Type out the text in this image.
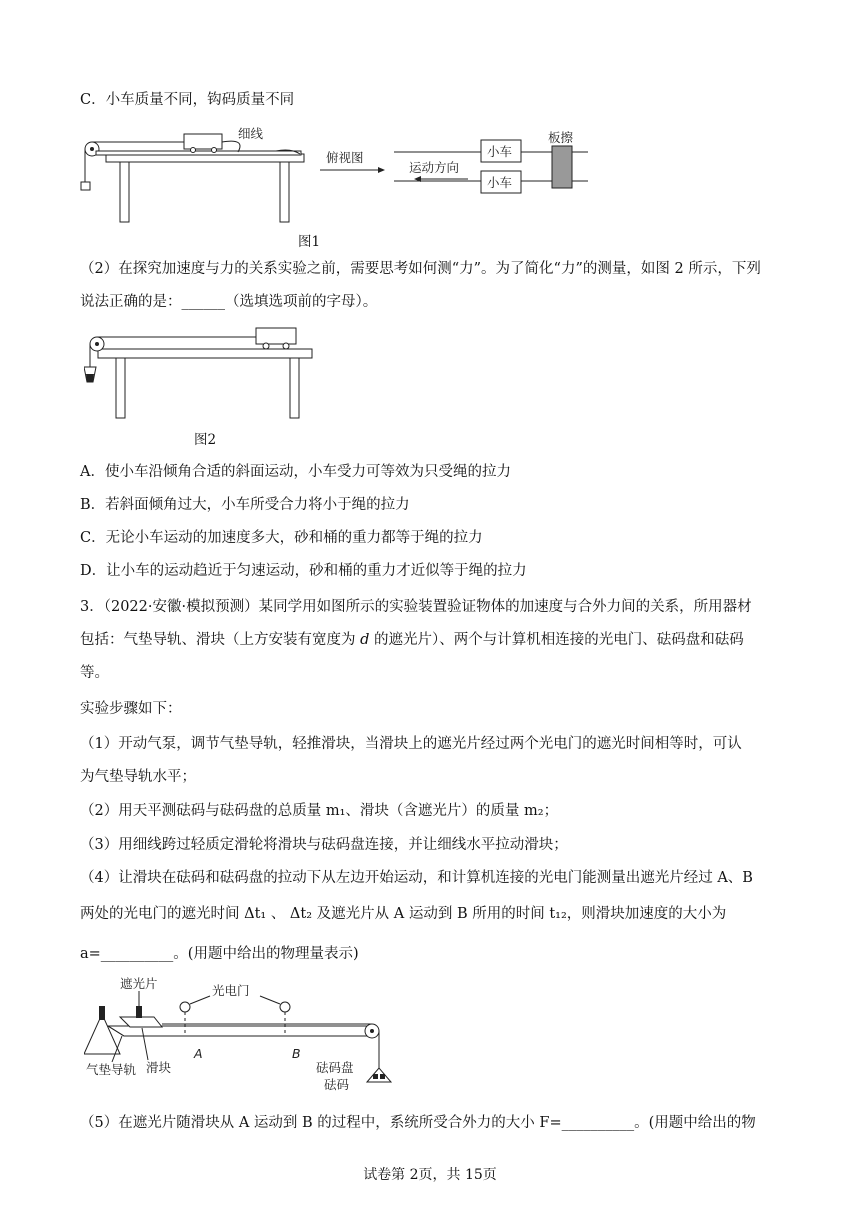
C．小车质量不同，钩码质量不同
细线
俯视图	小车
小车
板擦
运动方向
图1
（2）在探究加速度与力的关系实验之前，需要思考如何测“力”。为了简化“力”的测量，如图 2 所示，下列
说法正确的是：______（选填选项前的字母）。
图2
A．使小车沿倾角合适的斜面运动，小车受力可等效为只受绳的拉力
B．若斜面倾角过大，小车所受合力将小于绳的拉力
C．无论小车运动的加速度多大，砂和桶的重力都等于绳的拉力
D．让小车的运动趋近于匀速运动，砂和桶的重力才近似等于绳的拉力
3．（2022·安徽·模拟预测）某同学用如图所示的实验装置验证物体的加速度与合外力间的关系，所用器材
包括：气垫导轨、滑块（上方安装有宽度为 d 的遮光片）、两个与计算机相连接的光电门、砝码盘和砝码
等。
实验步骤如下：
（1）开动气泵，调节气垫导轨，轻推滑块，当滑块上的遮光片经过两个光电门的遮光时间相等时，可认
为气垫导轨水平；
（2）用天平测砝码与砝码盘的总质量 m₁、滑块（含遮光片）的质量 m₂；
（3）用细线跨过轻质定滑轮将滑块与砝码盘连接，并让细线水平拉动滑块；
（4）让滑块在砝码和砝码盘的拉动下从左边开始运动，和计算机连接的光电门能测量出遮光片经过 A、B
两处的光电门的遮光时间 Δt₁ 、 Δt₂ 及遮光片从 A 运动到 B 所用的时间 t₁₂，则滑块加速度的大小为
a=__________。(用题中给出的物理量表示)
光电门
遮光片
气垫导轨 滑块
A	B
砝码盘
砝码
（5）在遮光片随滑块从 A 运动到 B 的过程中，系统所受合外力的大小 F=__________。(用题中给出的物
试卷第 2页，共 15页
